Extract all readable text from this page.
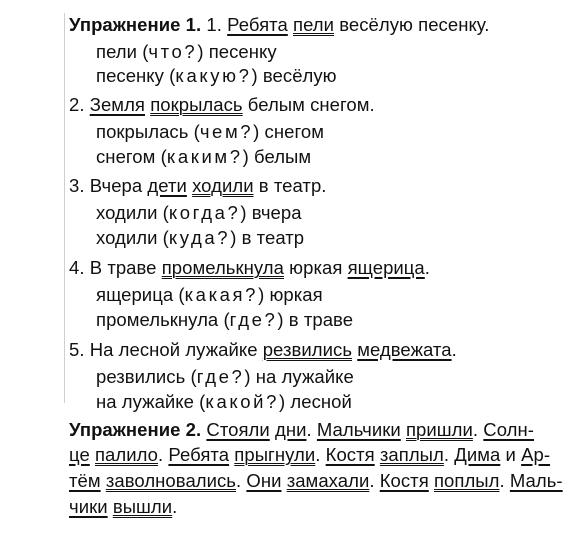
Упражнение 1. 1. Ребята пели весёлую песенку.
пели (что?) песенку
песенку (какую?) весёлую
2. Земля покрылась белым снегом.
покрылась (чем?) снегом
снегом (каким?) белым
3. Вчера дети ходили в театр.
ходили (когда?) вчера
ходили (куда?) в театр
4. В траве промелькнула юркая ящерица.
ящерица (какая?) юркая
промелькнула (где?) в траве
5. На лесной лужайке резвились медвежата.
резвились (где?) на лужайке
на лужайке (какой?) лесной
Упражнение 2. Стояли дни. Мальчики пришли. Солн-
це палило. Ребята прыгнули. Костя заплыл. Дима и Ар-
тём заволновались. Они замахали. Костя поплыл. Маль-
чики вышли.
